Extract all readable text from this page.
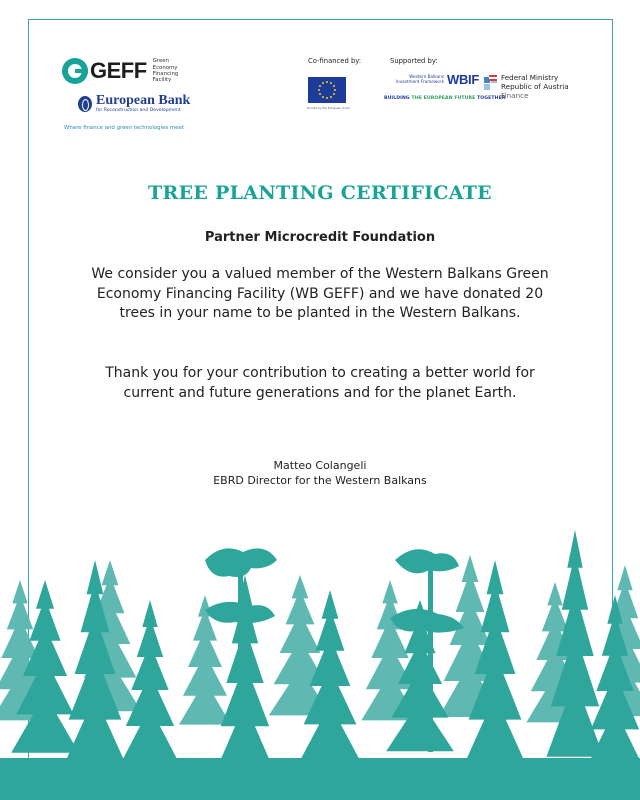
GEFF Green Economy Financing Facility
European Bank
for Reconstruction and Development
Where finance and green technologies meet
Co-financed by:
Funded by the European Union
Supported by:
Western Balkans
Investment Framework WBIF
BUILDING THE EUROPEAN FUTURE TOGETHER
Federal Ministry
Republic of Austria
Finance
TREE PLANTING CERTIFICATE
Partner Microcredit Foundation
We consider you a valued member of the Western Balkans Green Economy Financing Facility (WB GEFF) and we have donated 20 trees in your name to be planted in the Western Balkans.
Thank you for your contribution to creating a better world for current and future generations and for the planet Earth.
Matteo Colangeli
EBRD Director for the Western Balkans
